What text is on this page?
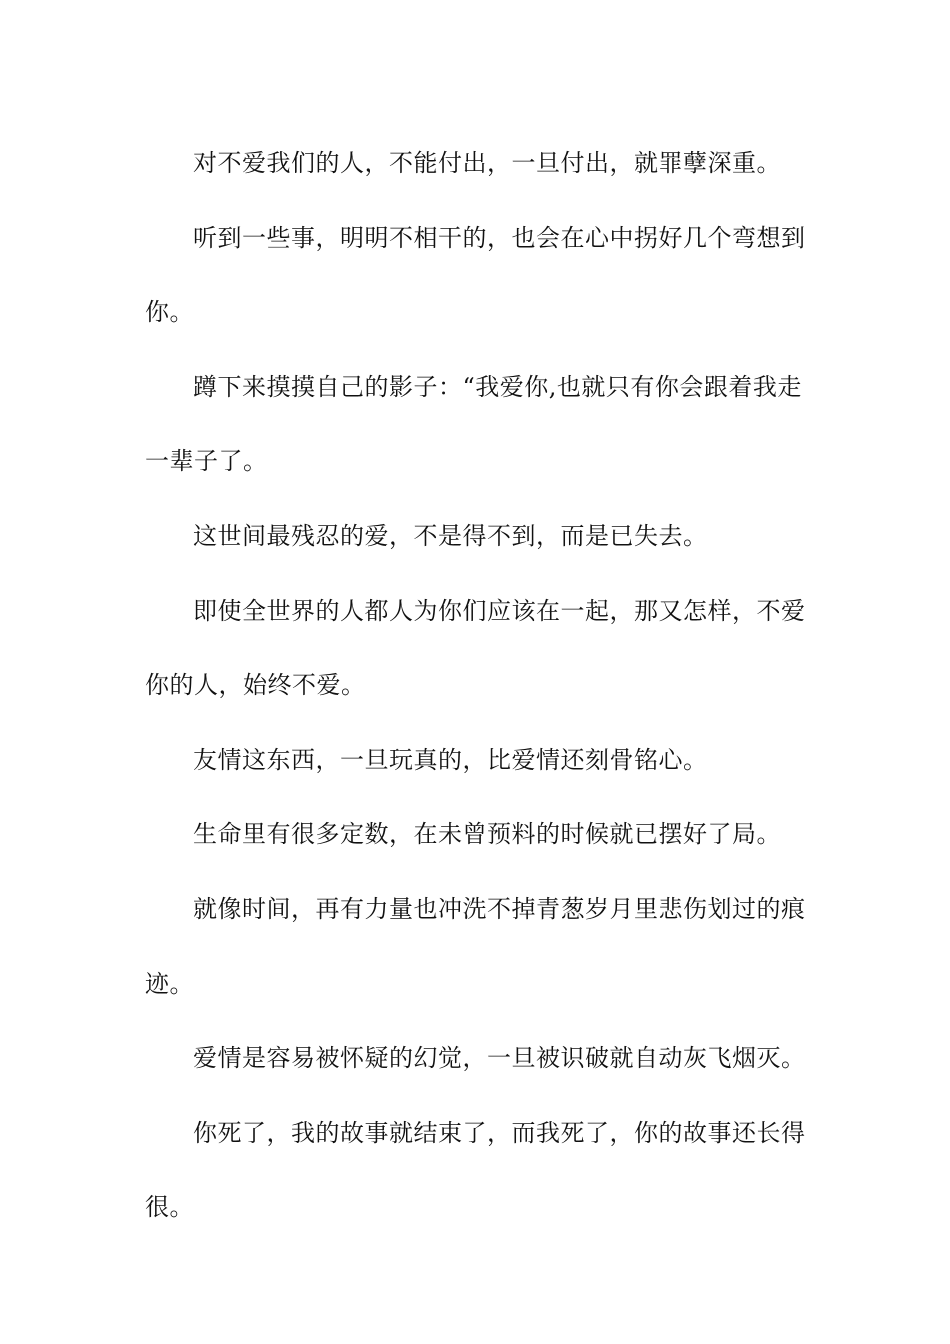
对不爱我们的人，不能付出，一旦付出，就罪孽深重。

听到一些事，明明不相干的，也会在心中拐好几个弯想到你。

蹲下来摸摸自己的影子：“我爱你,也就只有你会跟着我走一辈子了。

这世间最残忍的爱，不是得不到，而是已失去。

即使全世界的人都人为你们应该在一起，那又怎样，不爱你的人，始终不爱。

友情这东西，一旦玩真的，比爱情还刻骨铭心。

生命里有很多定数，在未曾预料的时候就已摆好了局。

就像时间，再有力量也冲洗不掉青葱岁月里悲伤划过的痕迹。

爱情是容易被怀疑的幻觉，一旦被识破就自动灰飞烟灭。

你死了，我的故事就结束了，而我死了，你的故事还长得很。
